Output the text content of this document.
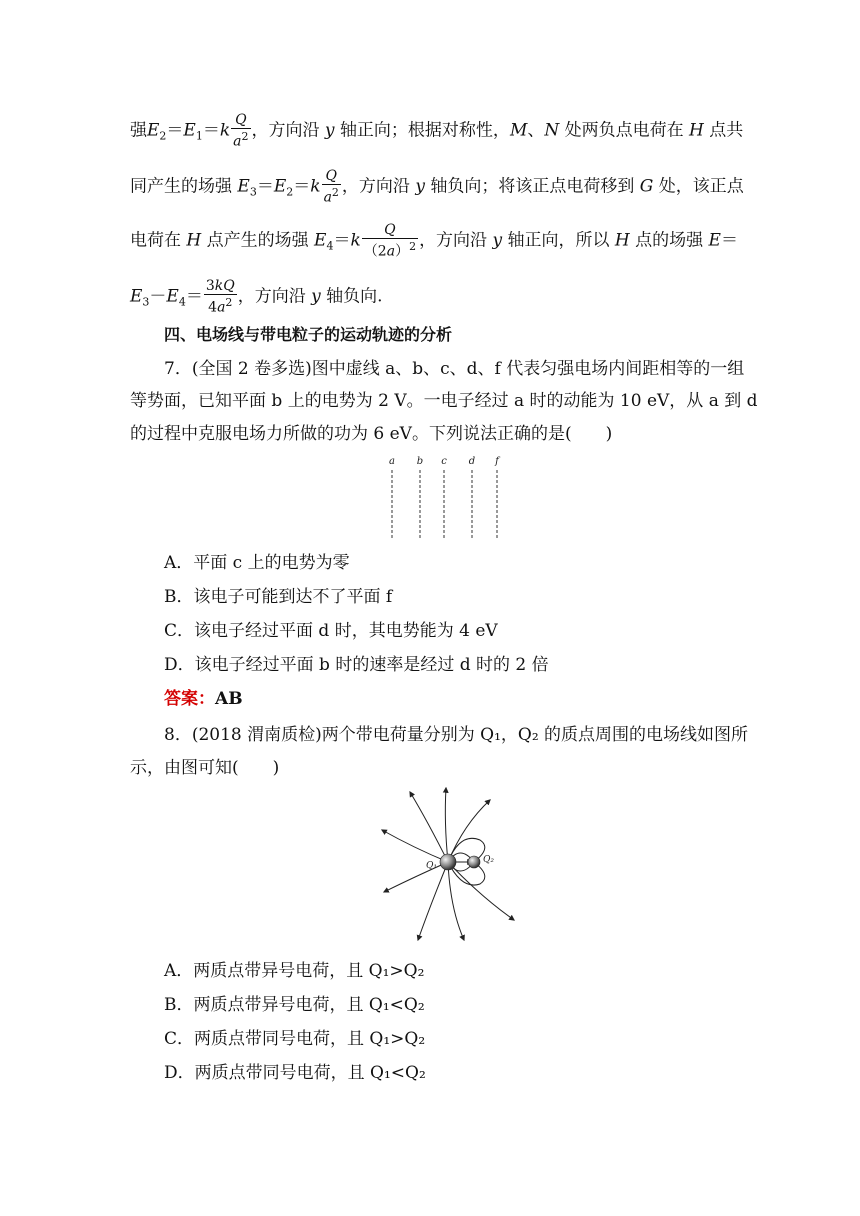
强$E_2=E_1=k \frac{Q}{a^2}$ ，方向沿 y 轴正向；根据对称性，M、N 处两负点电荷在 H 点共
同产生的场强 $E_3=E_2=k \frac{Q}{a^2}$ ，方向沿 y 轴负向；将该正点电荷移到 G 处，该正点
电荷在 H 点产生的场强 $E_4=k \frac{Q}{(2a)^2}$ ，方向沿 y 轴正向，所以 H 点的场强 E＝
$E_3-E_4= \frac{3kQ}{4a^2}$ ，方向沿 y 轴负向.
四、电场线与带电粒子的运动轨迹的分析
7．(全国 2 卷多选)图中虚线 a、b、c、d、f 代表匀强电场内间距相等的一组
等势面，已知平面 b 上的电势为 2 V。一电子经过 a 时的动能为 10 eV，从 a 到 d
的过程中克服电场力所做的功为 6 eV。下列说法正确的是(　　)
a b c d f
A．平面 c 上的电势为零
B．该电子可能到达不了平面 f
C．该电子经过平面 d 时，其电势能为 4 eV
D．该电子经过平面 b 时的速率是经过 d 时的 2 倍
答案：AB
8．(2018 渭南质检)两个带电荷量分别为 Q₁，Q₂ 的质点周围的电场线如图所
示，由图可知(　　)
Q₁
Q₂
A．两质点带异号电荷，且 Q₁>Q₂
B．两质点带异号电荷，且 Q₁<Q₂
C．两质点带同号电荷，且 Q₁>Q₂
D．两质点带同号电荷，且 Q₁<Q₂
